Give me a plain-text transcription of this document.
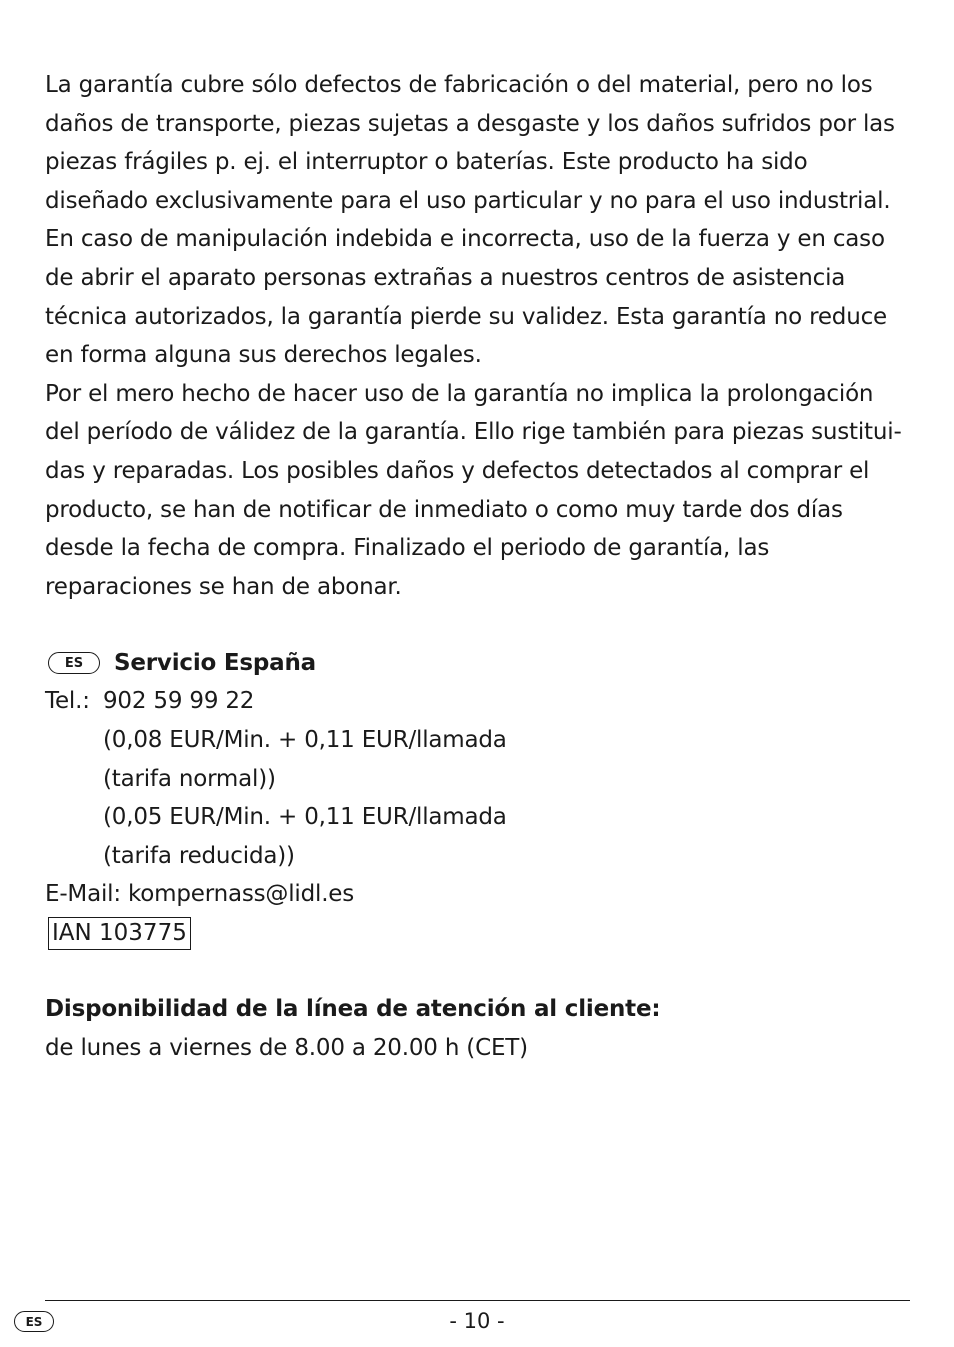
La garantía cubre sólo defectos de fabricación o del material, pero no los daños de transporte, piezas sujetas a desgaste y los daños sufridos por las piezas frágiles p. ej. el interruptor o baterías. Este producto ha sido diseñado exclusivamente para el uso particular y no para el uso industrial.

En caso de manipulación indebida e incorrecta, uso de la fuerza y en caso de abrir el aparato personas extrañas a nuestros centros de asistencia técnica autorizados, la garantía pierde su validez. Esta garantía no reduce en forma alguna sus derechos legales.

Por el mero hecho de hacer uso de la garantía no implica la prolongación del período de válidez de la garantía. Ello rige también para piezas sustituidas y reparadas. Los posibles daños y defectos detectados al comprar el producto, se han de notificar de inmediato o como muy tarde dos días desde la fecha de compra. Finalizado el periodo de garantía, las reparaciones se han de abonar.

ES	Servicio España
Tel.: 902 59 99 22
(0,08 EUR/Min. + 0,11 EUR/llamada
(tarifa normal))
(0,05 EUR/Min. + 0,11 EUR/llamada
(tarifa reducida))
E-Mail: kompernass@lidl.es
IAN 103775
Disponibilidad de la línea de atención al cliente:
de lunes a viernes de 8.00 a 20.00 h (CET)
ES	- 10 -
